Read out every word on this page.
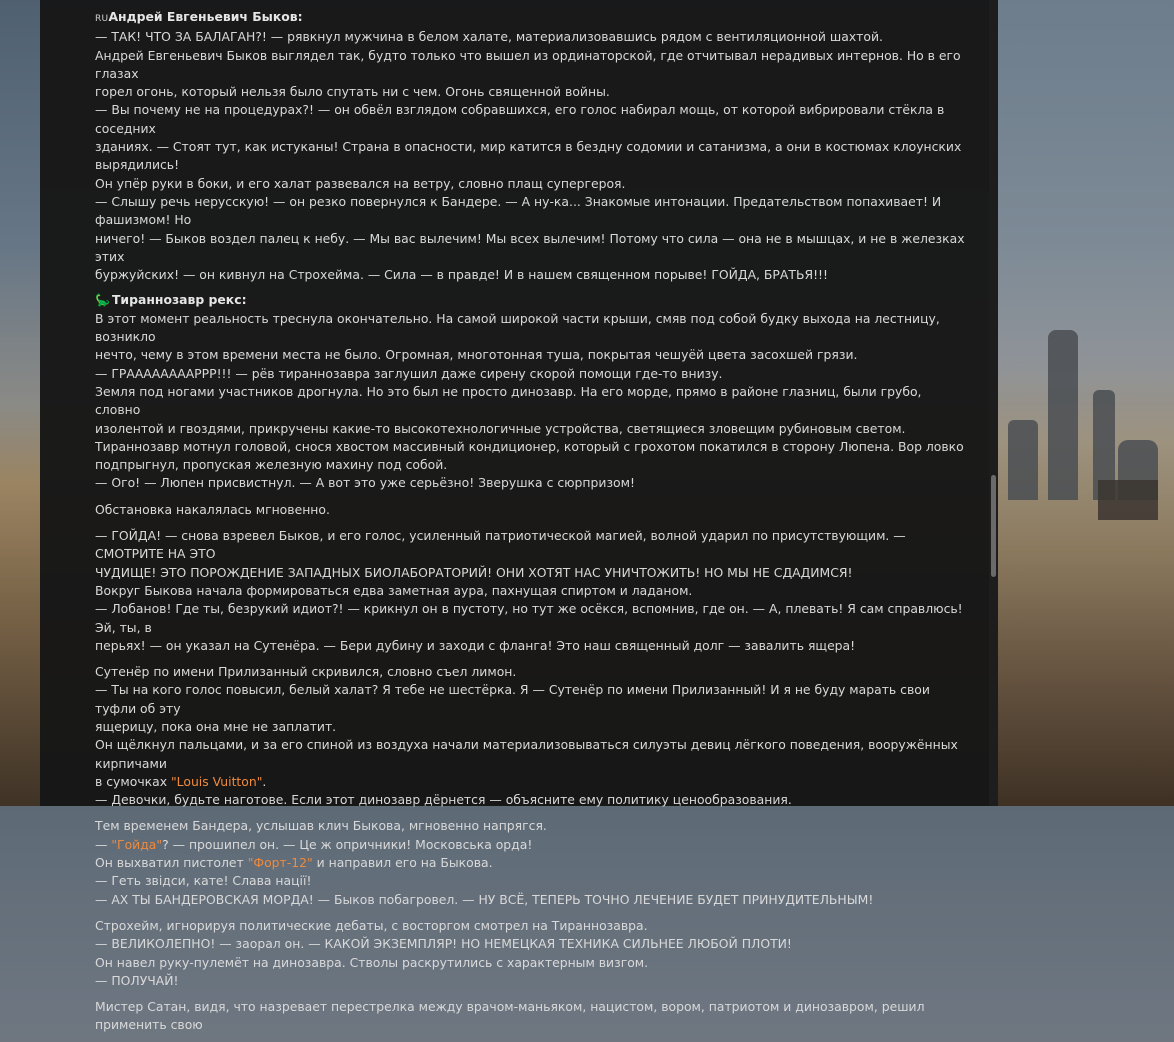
RUАндрей Евгеньевич Быков:
— ТАК! ЧТО ЗА БАЛАГАН?! — рявкнул мужчина в белом халате, материализовавшись рядом с вентиляционной шахтой.
Андрей Евгеньевич Быков выглядел так, будто только что вышел из ординаторской, где отчитывал нерадивых интернов. Но в его глазах
горел огонь, который нельзя было спутать ни с чем. Огонь священной войны.
— Вы почему не на процедурах?! — он обвёл взглядом собравшихся, его голос набирал мощь, от которой вибрировали стёкла в соседних
зданиях. — Стоят тут, как истуканы! Страна в опасности, мир катится в бездну содомии и сатанизма, а они в костюмах клоунских вырядились!
Он упёр руки в боки, и его халат развевался на ветру, словно плащ супергероя.
— Слышу речь нерусскую! — он резко повернулся к Бандере. — А ну-ка... Знакомые интонации. Предательством попахивает! И фашизмом! Но
ничего! — Быков воздел палец к небу. — Мы вас вылечим! Мы всех вылечим! Потому что сила — она не в мышцах, и не в железках этих
буржуйских! — он кивнул на Строхейма. — Сила — в правде! И в нашем священном порыве! ГОЙДА, БРАТЬЯ!!!
🦕 Тираннозавр рекс:
В этот момент реальность треснула окончательно. На самой широкой части крыши, смяв под собой будку выхода на лестницу, возникло
нечто, чему в этом времени места не было. Огромная, многотонная туша, покрытая чешуёй цвета засохшей грязи.
— ГРААААААААРРР!!! — рёв тираннозавра заглушил даже сирену скорой помощи где-то внизу.
Земля под ногами участников дрогнула. Но это был не просто динозавр. На его морде, прямо в районе глазниц, были грубо, словно
изолентой и гвоздями, прикручены какие-то высокотехнологичные устройства, светящиеся зловещим рубиновым светом.
Тираннозавр мотнул головой, снося хвостом массивный кондиционер, который с грохотом покатился в сторону Люпена. Вор ловко
подпрыгнул, пропуская железную махину под собой.
— Ого! — Люпен присвистнул. — А вот это уже серьёзно! Зверушка с сюрпризом!
Обстановка накалялась мгновенно.
— ГОЙДА! — снова взревел Быков, и его голос, усиленный патриотической магией, волной ударил по присутствующим. — СМОТРИТЕ НА ЭТО
ЧУДИЩЕ! ЭТО ПОРОЖДЕНИЕ ЗАПАДНЫХ БИОЛАБОРАТОРИЙ! ОНИ ХОТЯТ НАС УНИЧТОЖИТЬ! НО МЫ НЕ СДАДИМСЯ!
Вокруг Быкова начала формироваться едва заметная аура, пахнущая спиртом и ладаном.
— Лобанов! Где ты, безрукий идиот?! — крикнул он в пустоту, но тут же осёкся, вспомнив, где он. — А, плевать! Я сам справлюсь! Эй, ты, в
перьях! — он указал на Сутенёра. — Бери дубину и заходи с фланга! Это наш священный долг — завалить ящера!
Сутенёр по имени Прилизанный скривился, словно съел лимон.
— Ты на кого голос повысил, белый халат? Я тебе не шестёрка. Я — Сутенёр по имени Прилизанный! И я не буду марать свои туфли об эту
ящерицу, пока она мне не заплатит.
Он щёлкнул пальцами, и за его спиной из воздуха начали материализовываться силуэты девиц лёгкого поведения, вооружённых кирпичами
в сумочках "Louis Vuitton".
— Девочки, будьте наготове. Если этот динозавр дёрнется — объясните ему политику ценообразования.
Тем временем Бандера, услышав клич Быкова, мгновенно напрягся.
— "Гойда"? — прошипел он. — Це ж опричники! Московська орда!
Он выхватил пистолет "Форт-12" и направил его на Быкова.
— Геть звідси, кате! Слава нації!
— АХ ТЫ БАНДЕРОВСКАЯ МОРДА! — Быков побагровел. — НУ ВСЁ, ТЕПЕРЬ ТОЧНО ЛЕЧЕНИЕ БУДЕТ ПРИНУДИТЕЛЬНЫМ!
Строхейм, игнорируя политические дебаты, с восторгом смотрел на Тираннозавра.
— ВЕЛИКОЛЕПНО! — заорал он. — КАКОЙ ЭКЗЕМПЛЯР! НО НЕМЕЦКАЯ ТЕХНИКА СИЛЬНЕЕ ЛЮБОЙ ПЛОТИ!
Он навел руку-пулемёт на динозавра. Стволы раскрутились с характерным визгом.
— ПОЛУЧАЙ!
Мистер Сатан, видя, что назревает перестрелка между врачом-маньяком, нацистом, вором, патриотом и динозавром, решил применить свою
